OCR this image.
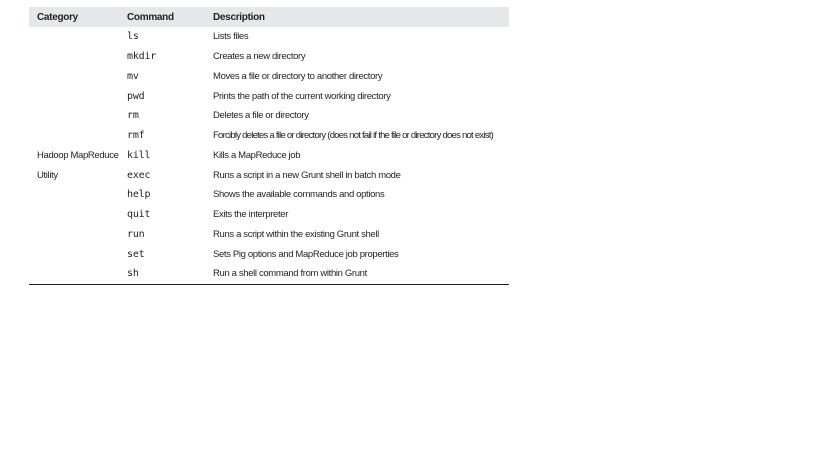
Category	Command	Description
	ls	Lists files
	mkdir	Creates a new directory
	mv	Moves a file or directory to another directory
	pwd	Prints the path of the current working directory
	rm	Deletes a file or directory
	rmf	Forcibly deletes a file or directory (does not fail if the file or directory does not exist)
Hadoop MapReduce	kill	Kills a MapReduce job
Utility	exec	Runs a script in a new Grunt shell in batch mode
	help	Shows the available commands and options
	quit	Exits the interpreter
	run	Runs a script within the existing Grunt shell
	set	Sets Pig options and MapReduce job properties
	sh	Run a shell command from within Grunt
